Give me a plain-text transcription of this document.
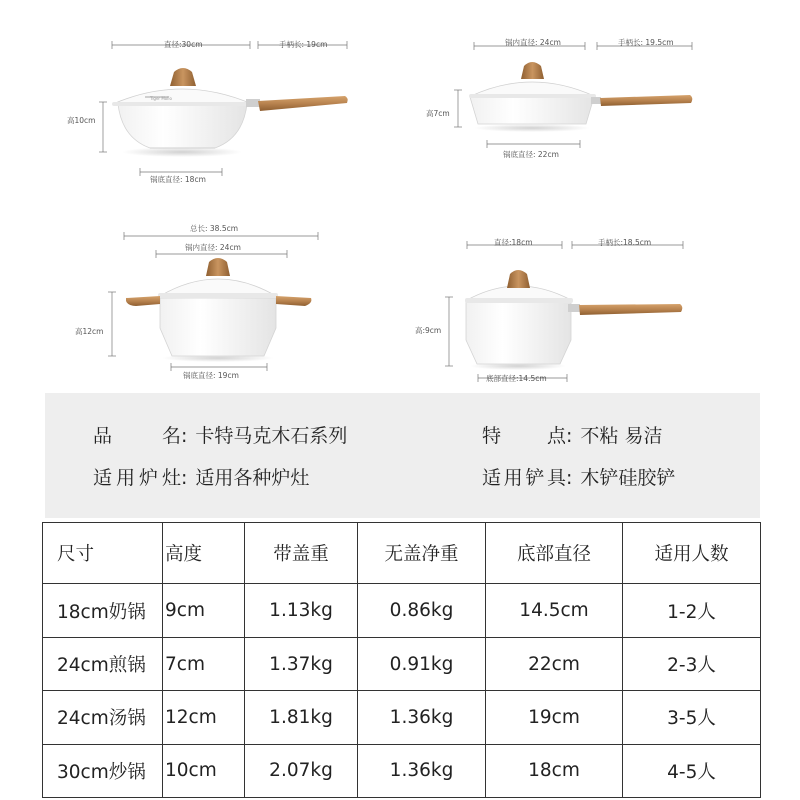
直径:30cm	手柄长: 19cm
高10cm
锅底直径: 18cm
Tiger Molio
锅内直径: 24cm	手柄长: 19.5cm
高7cm
锅底直径: 22cm
总长: 38.5cm
锅内直径: 24cm
高12cm
锅底直径: 19cm
直径:18cm	手柄长:18.5cm
高:9cm
底部直径:14.5cm
品名: 卡特马克木石系列	特点: 不粘 易洁
适用炉灶: 适用各种炉灶	适用铲具: 木铲硅胶铲
尺寸	高度	带盖重	无盖净重	底部直径	适用人数
18cm奶锅	9cm	1.13kg	0.86kg	14.5cm	1-2人
24cm煎锅	7cm	1.37kg	0.91kg	22cm	2-3人
24cm汤锅	12cm	1.81kg	1.36kg	19cm	3-5人
30cm炒锅	10cm	2.07kg	1.36kg	18cm	4-5人
